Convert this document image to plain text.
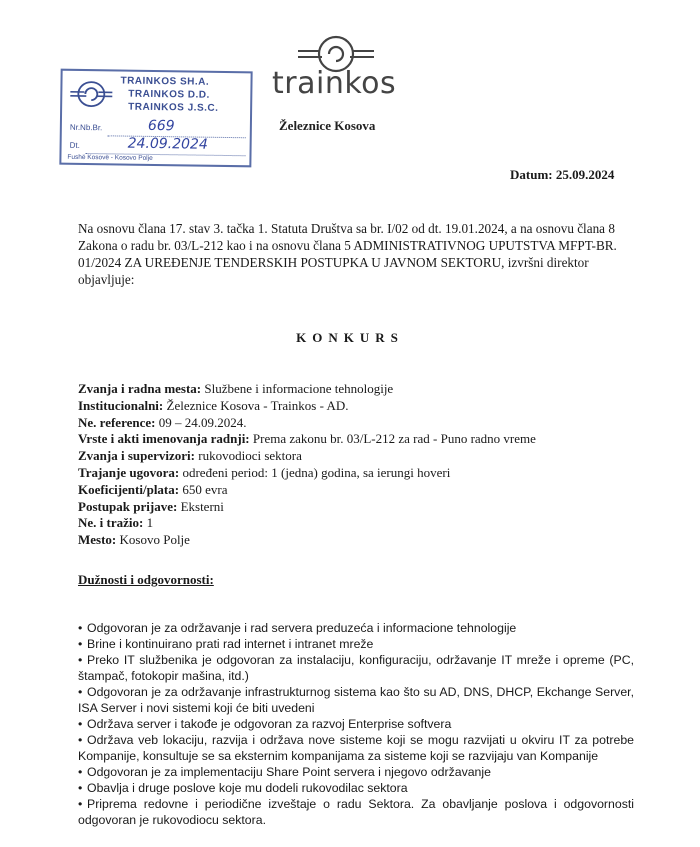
TRAINKOS SH.A.
TRAINKOS D.D.
TRAINKOS J.S.C.
Nr.Nb.Br.	669
Dt.	24.09.2024
Fushë Kosovë - Kosovo Polje
trainkos
Železnice Kosova
Datum: 25.09.2024
Na osnovu člana 17. stav 3. tačka 1. Statuta Društva sa br. I/02 od dt. 19.01.2024, a na osnovu člana 8 Zakona o radu br. 03/L-212 kao i na osnovu člana 5 ADMINISTRATIVNOG UPUTSTVA MFPT-BR. 01/2024 ZA UREĐENJE TENDERSKIH POSTUPKA U JAVNOM SEKTORU, izvršni direktor objavljuje:
KONKURS
Zvanja i radna mesta: Službene i informacione tehnologije
Institucionalni: Železnice Kosova - Trainkos - AD.
Ne. reference: 09 – 24.09.2024.
Vrste i akti imenovanja radnji: Prema zakonu br. 03/L-212 za rad - Puno radno vreme
Zvanja i supervizori: rukovodioci sektora
Trajanje ugovora: određeni period: 1 (jedna) godina, sa ierungi hoveri
Koeficijenti/plata: 650 evra
Postupak prijave: Eksterni
Ne. i tražio: 1
Mesto: Kosovo Polje
Dužnosti i odgovornosti:
• Odgovoran je za održavanje i rad servera preduzeća i informacione tehnologije
• Brine i kontinuirano prati rad internet i intranet mreže
• Preko IT službenika je odgovoran za instalaciju, konfiguraciju, održavanje IT mreže i opreme (PC, štampač, fotokopir mašina, itd.)
• Odgovoran je za održavanje infrastrukturnog sistema kao što su AD, DNS, DHCP, Ekchange Server, ISA Server i novi sistemi koji će biti uvedeni
• Održava server i takođe je odgovoran za razvoj Enterprise softvera
• Održava veb lokaciju, razvija i održava nove sisteme koji se mogu razvijati u okviru IT za potrebe Kompanije, konsultuje se sa eksternim kompanijama za sisteme koji se razvijaju van Kompanije
• Odgovoran je za implementaciju Share Point servera i njegovo održavanje
• Obavlja i druge poslove koje mu dodeli rukovodilac sektora
• Priprema redovne i periodične izveštaje o radu Sektora. Za obavljanje poslova i odgovornosti odgovoran je rukovodiocu sektora.
